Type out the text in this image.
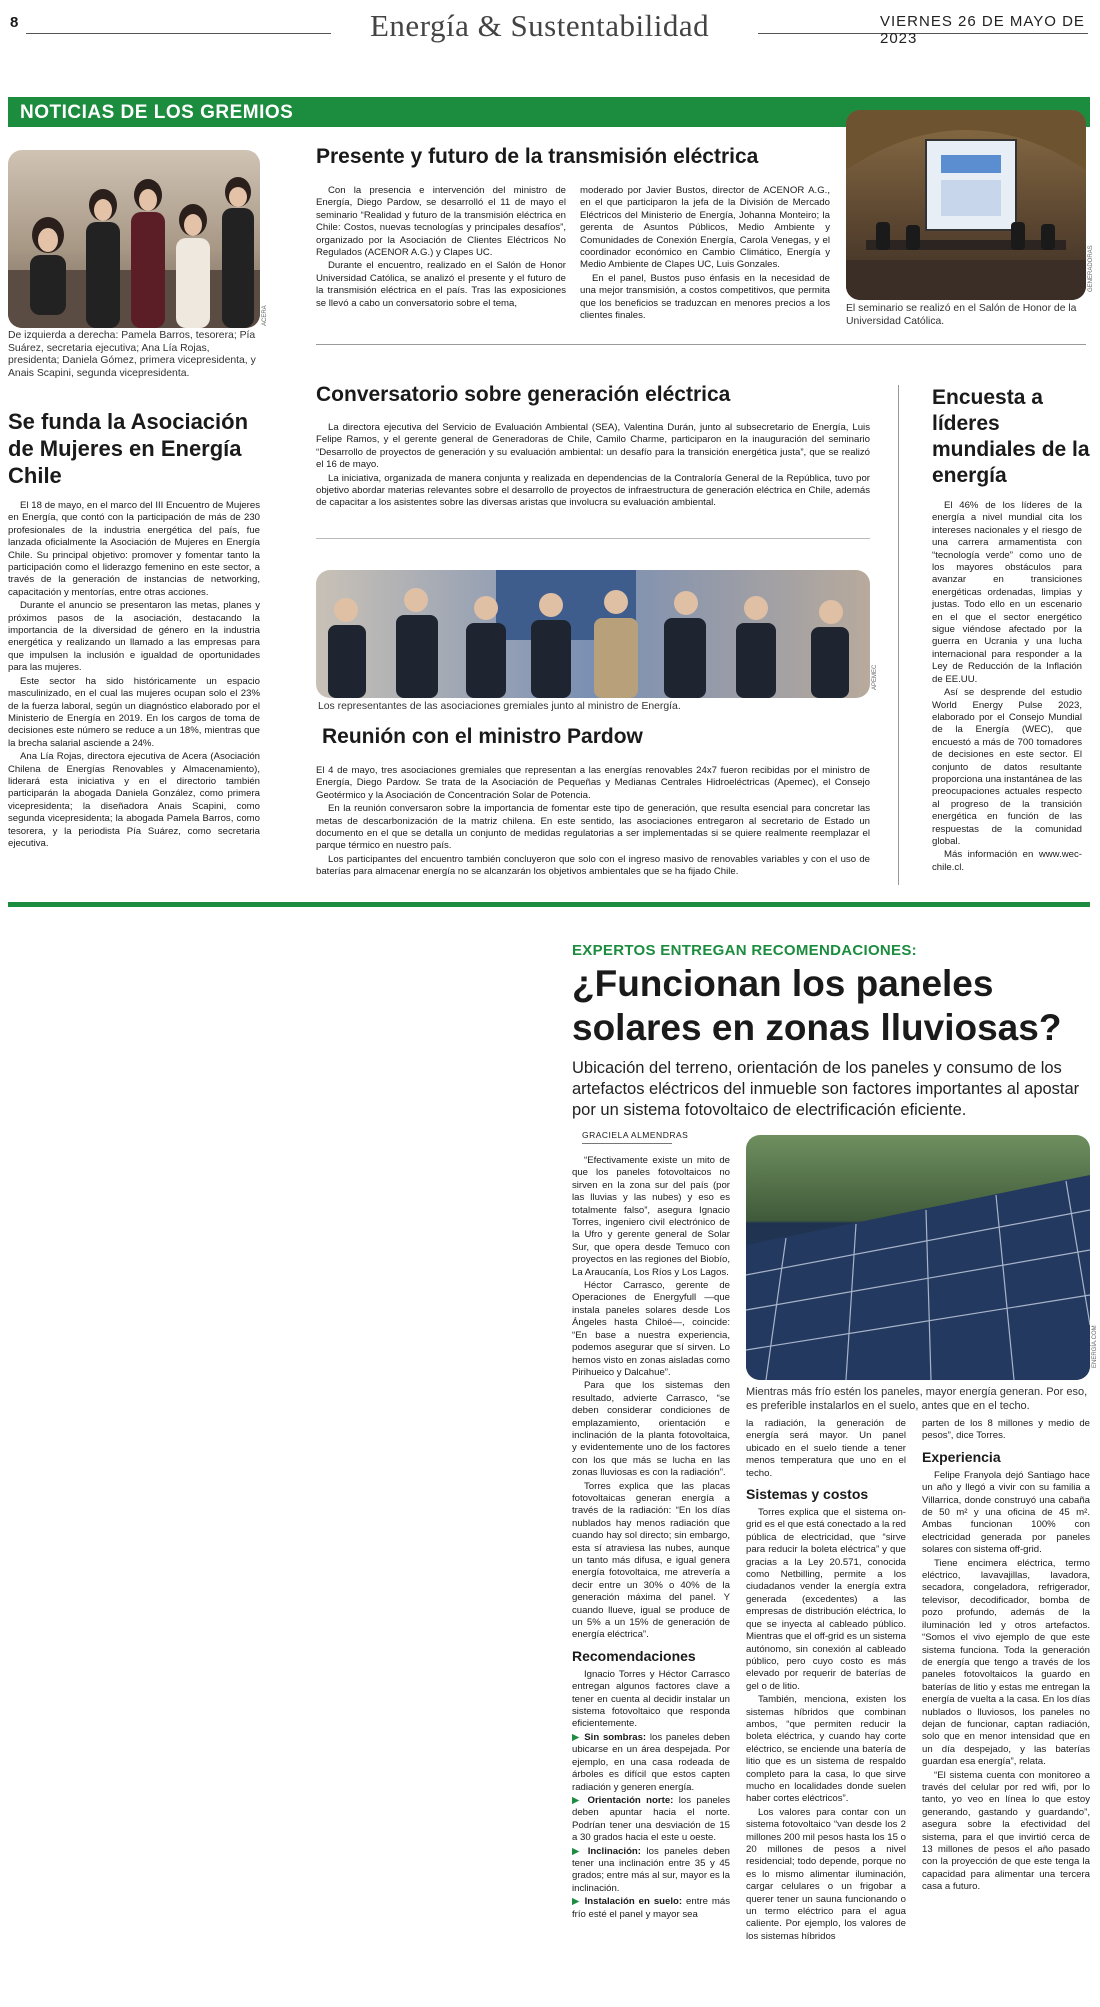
8	Energía & Sustentabilidad	VIERNES 26 DE MAYO DE 2023
NOTICIAS DE LOS GREMIOS
ACERA
De izquierda a derecha: Pamela Barros, tesorera; Pía Suárez, secretaria ejecutiva; Ana Lía Rojas, presidenta; Daniela Gómez, primera vicepresidenta, y Anais Scapini, segunda vicepresidenta.
Se funda la Asociación de Mujeres en Energía Chile

El 18 de mayo, en el marco del III Encuentro de Mujeres en Energía, que contó con la participación de más de 230 profesionales de la industria energética del país, fue lanzada oficialmente la Asociación de Mujeres en Energía Chile. Su principal objetivo: promover y fomentar tanto la participación como el liderazgo femenino en este sector, a través de la generación de instancias de networking, capacitación y mentorías, entre otras acciones.

Durante el anuncio se presentaron las metas, planes y próximos pasos de la asociación, destacando la importancia de la diversidad de género en la industria energética y realizando un llamado a las empresas para que impulsen la inclusión e igualdad de oportunidades para las mujeres.

Este sector ha sido históricamente un espacio masculinizado, en el cual las mujeres ocupan solo el 23% de la fuerza laboral, según un diagnóstico elaborado por el Ministerio de Energía en 2019. En los cargos de toma de decisiones este número se reduce a un 18%, mientras que la brecha salarial asciende a 24%.

Ana Lía Rojas, directora ejecutiva de Acera (Asociación Chilena de Energías Renovables y Almacenamiento), liderará esta iniciativa y en el directorio también participarán la abogada Daniela González, como primera vicepresidenta; la diseñadora Anais Scapini, como segunda vicepresidenta; la abogada Pamela Barros, como tesorera, y la periodista Pía Suárez, como secretaria ejecutiva.

Presente y futuro de la transmisión eléctrica

Con la presencia e intervención del ministro de Energía, Diego Pardow, se desarrolló el 11 de mayo el seminario “Realidad y futuro de la transmisión eléctrica en Chile: Costos, nuevas tecnologías y principales desafíos”, organizado por la Asociación de Clientes Eléctricos No Regulados (ACENOR A.G.) y Clapes UC.

Durante el encuentro, realizado en el Salón de Honor Universidad Católica, se analizó el presente y el futuro de la transmisión eléctrica en el país. Tras las exposiciones se llevó a cabo un conversatorio sobre el tema,

moderado por Javier Bustos, director de ACENOR A.G., en el que participaron la jefa de la División de Mercado Eléctricos del Ministerio de Energía, Johanna Monteiro; la gerenta de Asuntos Públicos, Medio Ambiente y Comunidades de Conexión Energía, Carola Venegas, y el coordinador económico en Cambio Climático, Energía y Medio Ambiente de Clapes UC, Luis Gonzales.

En el panel, Bustos puso énfasis en la necesidad de una mejor transmisión, a costos competitivos, que permita que los beneficios se traduzcan en menores precios a los clientes finales.

GENERADORAS
El seminario se realizó en el Salón de Honor de la Universidad Católica.
Conversatorio sobre generación eléctrica

La directora ejecutiva del Servicio de Evaluación Ambiental (SEA), Valentina Durán, junto al subsecretario de Energía, Luis Felipe Ramos, y el gerente general de Generadoras de Chile, Camilo Charme, participaron en la inauguración del seminario “Desarrollo de proyectos de generación y su evaluación ambiental: un desafío para la transición energética justa”, que se realizó el 16 de mayo.

La iniciativa, organizada de manera conjunta y realizada en dependencias de la Contraloría General de la República, tuvo por objetivo abordar materias relevantes sobre el desarrollo de proyectos de infraestructura de generación eléctrica en Chile, además de capacitar a los asistentes sobre las diversas aristas que involucra su evaluación ambiental.

APEMEC
Los representantes de las asociaciones gremiales junto al ministro de Energía.
Reunión con el ministro Pardow

El 4 de mayo, tres asociaciones gremiales que representan a las energías renovables 24x7 fueron recibidas por el ministro de Energía, Diego Pardow. Se trata de la Asociación de Pequeñas y Medianas Centrales Hidroeléctricas (Apemec), el Consejo Geotérmico y la Asociación de Concentración Solar de Potencia.

En la reunión conversaron sobre la importancia de fomentar este tipo de generación, que resulta esencial para concretar las metas de descarbonización de la matriz chilena. En este sentido, las asociaciones entregaron al secretario de Estado un documento en el que se detalla un conjunto de medidas regulatorias a ser implementadas si se quiere realmente reemplazar el parque térmico en nuestro país.

Los participantes del encuentro también concluyeron que solo con el ingreso masivo de renovables variables y con el uso de baterías para almacenar energía no se alcanzarán los objetivos ambientales que se ha fijado Chile.

Encuesta a líderes mundiales de la energía

El 46% de los líderes de la energía a nivel mundial cita los intereses nacionales y el riesgo de una carrera armamentista con “tecnología verde” como uno de los mayores obstáculos para avanzar en transiciones energéticas ordenadas, limpias y justas. Todo ello en un escenario en el que el sector energético sigue viéndose afectado por la guerra en Ucrania y una lucha internacional para responder a la Ley de Reducción de la Inflación de EE.UU.

Así se desprende del estudio World Energy Pulse 2023, elaborado por el Consejo Mundial de la Energía (WEC), que encuestó a más de 700 tomadores de decisiones en este sector. El conjunto de datos resultante proporciona una instantánea de las preocupaciones actuales respecto al progreso de la transición energética en función de las respuestas de la comunidad global.

Más información en www.wec-chile.cl.

EXPERTOS ENTREGAN RECOMENDACIONES:
¿Funcionan los paneles solares en zonas lluviosas?
Ubicación del terreno, orientación de los paneles y consumo de los artefactos eléctricos del inmueble son factores importantes al apostar por un sistema fotovoltaico de electrificación eficiente.
GRACIELA ALMENDRAS
ENERGÍA.COM
Mientras más frío estén los paneles, mayor energía generan. Por eso, es preferible instalarlos en el suelo, antes que en el techo.

“Efectivamente existe un mito de que los paneles fotovoltaicos no sirven en la zona sur del país (por las lluvias y las nubes) y eso es totalmente falso”, asegura Ignacio Torres, ingeniero civil electrónico de la Ufro y gerente general de Solar Sur, que opera desde Temuco con proyectos en las regiones del Biobío, La Araucanía, Los Ríos y Los Lagos.

Héctor Carrasco, gerente de Operaciones de Energyfull —que instala paneles solares desde Los Ángeles hasta Chiloé—, coincide: “En base a nuestra experiencia, podemos asegurar que sí sirven. Lo hemos visto en zonas aisladas como Pirihueico y Dalcahue”.

Para que los sistemas den resultado, advierte Carrasco, “se deben considerar condiciones de emplazamiento, orientación e inclinación de la planta fotovoltaica, y evidentemente uno de los factores con los que más se lucha en las zonas lluviosas es con la radiación”.

Torres explica que las placas fotovoltaicas generan energía a través de la radiación: “En los días nublados hay menos radiación que cuando hay sol directo; sin embargo, esta sí atraviesa las nubes, aunque un tanto más difusa, e igual genera energía fotovoltaica, me atrevería a decir entre un 30% o 40% de la generación máxima del panel. Y cuando llueve, igual se produce de un 5% a un 15% de generación de energía eléctrica”.

Recomendaciones

Ignacio Torres y Héctor Carrasco entregan algunos factores clave a tener en cuenta al decidir instalar un sistema fotovoltaico que responda eficientemente.

▶ Sin sombras: los paneles deben ubicarse en un área despejada. Por ejemplo, en una casa rodeada de árboles es difícil que estos capten radiación y generen energía.

▶ Orientación norte: los paneles deben apuntar hacia el norte. Podrían tener una desviación de 15 a 30 grados hacia el este u oeste.

▶ Inclinación: los paneles deben tener una inclinación entre 35 y 45 grados; entre más al sur, mayor es la inclinación.

▶ Instalación en suelo: entre más frío esté el panel y mayor sea

la radiación, la generación de energía será mayor. Un panel ubicado en el suelo tiende a tener menos temperatura que uno en el techo.

Sistemas y costos

Torres explica que el sistema on-grid es el que está conectado a la red pública de electricidad, que “sirve para reducir la boleta eléctrica” y que gracias a la Ley 20.571, conocida como Netbilling, permite a los ciudadanos vender la energía extra generada (excedentes) a las empresas de distribución eléctrica, lo que se inyecta al cableado público. Mientras que el off-grid es un sistema autónomo, sin conexión al cableado público, pero cuyo costo es más elevado por requerir de baterías de gel o de litio.

También, menciona, existen los sistemas híbridos que combinan ambos, “que permiten reducir la boleta eléctrica, y cuando hay corte eléctrico, se enciende una batería de litio que es un sistema de respaldo completo para la casa, lo que sirve mucho en localidades donde suelen haber cortes eléctricos”.

Los valores para contar con un sistema fotovoltaico “van desde los 2 millones 200 mil pesos hasta los 15 o 20 millones de pesos a nivel residencial; todo depende, porque no es lo mismo alimentar iluminación, cargar celulares o un frigobar a querer tener un sauna funcionando o un termo eléctrico para el agua caliente. Por ejemplo, los valores de los sistemas híbridos

parten de los 8 millones y medio de pesos”, dice Torres.

Experiencia

Felipe Franyola dejó Santiago hace un año y llegó a vivir con su familia a Villarrica, donde construyó una cabaña de 50 m² y una oficina de 45 m². Ambas funcionan 100% con electricidad generada por paneles solares con sistema off-grid.

Tiene encimera eléctrica, termo eléctrico, lavavajillas, lavadora, secadora, congeladora, refrigerador, televisor, decodificador, bomba de pozo profundo, además de la iluminación led y otros artefactos. “Somos el vivo ejemplo de que este sistema funciona. Toda la generación de energía que tengo a través de los paneles fotovoltaicos la guardo en baterías de litio y estas me entregan la energía de vuelta a la casa. En los días nublados o lluviosos, los paneles no dejan de funcionar, captan radiación, solo que en menor intensidad que en un día despejado, y las baterías guardan esa energía”, relata.

“El sistema cuenta con monitoreo a través del celular por red wifi, por lo tanto, yo veo en línea lo que estoy generando, gastando y guardando”, asegura sobre la efectividad del sistema, para el que invirtió cerca de 13 millones de pesos el año pasado con la proyección de que este tenga la capacidad para alimentar una tercera casa a futuro.
